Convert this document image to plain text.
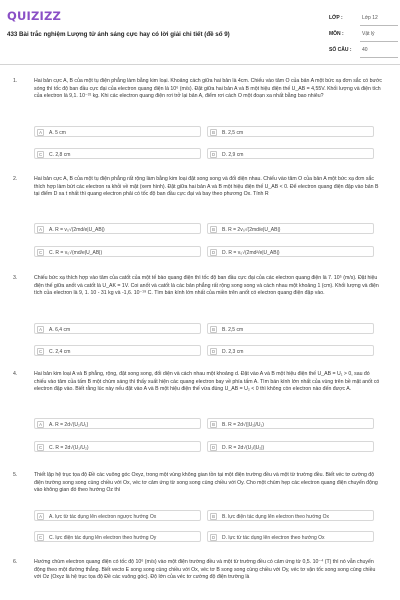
QUIZIZZ
433 Bài trắc nghiệm Lượng tử ánh sáng cực hay có lời giải chi tiết (đề số 9)
LỚP :	Lớp 12
MÔN :	Vật lý
SỐ CÂU : 40
1.	Hai bản cực A, B của một tụ điện phẳng làm bằng kim loại. Khoảng cách giữa hai bản là 4cm. Chiếu vào tâm O của bản A một bức xạ đơn sắc có bước sóng thì tốc độ ban đầu cực đại của electron quang điện là 10⁶ (m/s). Đặt giữa hai bản A và B một hiệu điện thế U_AB = 4,55V. Khối lượng và điện tích của electron là 9,1. 10⁻³¹ kg. Khi các electron quang điện rơi trở lại bản A, điểm rơi cách O một đoạn xa nhất bằng bao nhiêu?
A	A. 5 cm	B	B. 2,5 cm
C	C. 2,8 cm	D	D. 2,9 cm
2.	Hai bản cực A, B của một tụ điện phẳng rất rộng làm bằng kim loại đặt song song và đối diện nhau. Chiếu vào tâm O của bản A một bức xạ đơn sắc thích hợp làm bứt các electron ra khỏi về mặt (xem hình). Đặt giữa hai bản A và B một hiệu điện thế U_AB < 0. Để electron quang điện đập vào bản B tại điểm D xa t nhất thì quang electron phải có tốc độ ban đầu cực đại và bay theo phương Ox. Tính R
A	A. R = v₀√(2md/e|U_AB|)	B	B. R = 2v₀√(2md/e|U_AB|)
C	C. R = v₀√(md/e|U_AB|)	D	D. R = v₀√(2md²/e|U_AB|)
3.	Chiếu bức xạ thích hợp vào tâm của catốt của một tế bào quang điện thì tốc độ ban đầu cực đại của các electron quang điện là 7. 10⁵ (m/s). Đặt hiệu điện thế giữa anốt và catốt là U_AK = 1V. Coi anốt và catốt là các bản phẳng rất rộng song song và cách nhau một khoảng 1 (cm). Khối lượng và điện tích của electron là 9, 1. 10 - 31 kg và -1,6. 10⁻¹⁹ C. Tìm bán kính lớn nhất của miền trên anốt có electron quang điện đập vào.
A	A. 6,4 cm	B	B. 2,5 cm
C	C. 2,4 cm	D	D. 2,3 cm
4.	Hai bản kim loại A và B phẳng, rộng, đặt song song, đối diện và cách nhau một khoảng d. Đặt vào A và B một hiệu điện thế U_AB = U₁ > 0, sau đó chiếu vào tâm của tấm B một chùm sáng thì thấy xuất hiện các quang electron bay về phía tấm A. Tìm bán kính lớn nhất của vùng trên bề mặt anốt có electron đập vào. Biết rằng lúc này nếu đặt vào A và B một hiệu điện thế vừa đúng U_AB = U₂ < 0 thì không còn electron nào đến được A.
A	A. R = 2d√(U₂/U₁)	B	B. R = 2d√(|U₂|/U₁)
C	C. R = 2d√(U₁/U₂)	D	D. R = 2d√(U₁/|U₂|)
5.	Thiết lập hệ trục tọa độ Đề các vuông góc Oxyz, trong một vùng không gian tồn tại một điện trường đều và một từ trường đều. Biết véc tơ cường độ điện trường song song cùng chiều với Ox, véc tơ cảm ứng từ song song cùng chiều với Oy. Cho một chùm hẹp các electron quang điện chuyển động vào không gian đó theo hướng Oz thì
A	A. lực từ tác dụng lên electron ngược hướng Ox	B	B. lực điện tác dụng lên electron theo hướng Ox
C	C. lực điện tác dụng lên electron theo hướng Oy	D	D. lực từ tác dụng lên electron theo hướng Ox
6.	Hướng chùm electron quang điện có tốc độ 10⁶ (m/s) vào một điện trường đều và một từ trường đều có cảm ứng từ 0,5. 10⁻⁴ (T) thì nó vẫn chuyển động theo một đường thẳng. Biết vecto E song song cùng chiều với Ox, véc tơ B song song cùng chiều với Oy, véc tơ vận tốc song song cùng chiều với Oz (Oxyz là hệ trục tọa độ Đề các vuông góc). Độ lớn của véc tơ cường độ điện trường là
